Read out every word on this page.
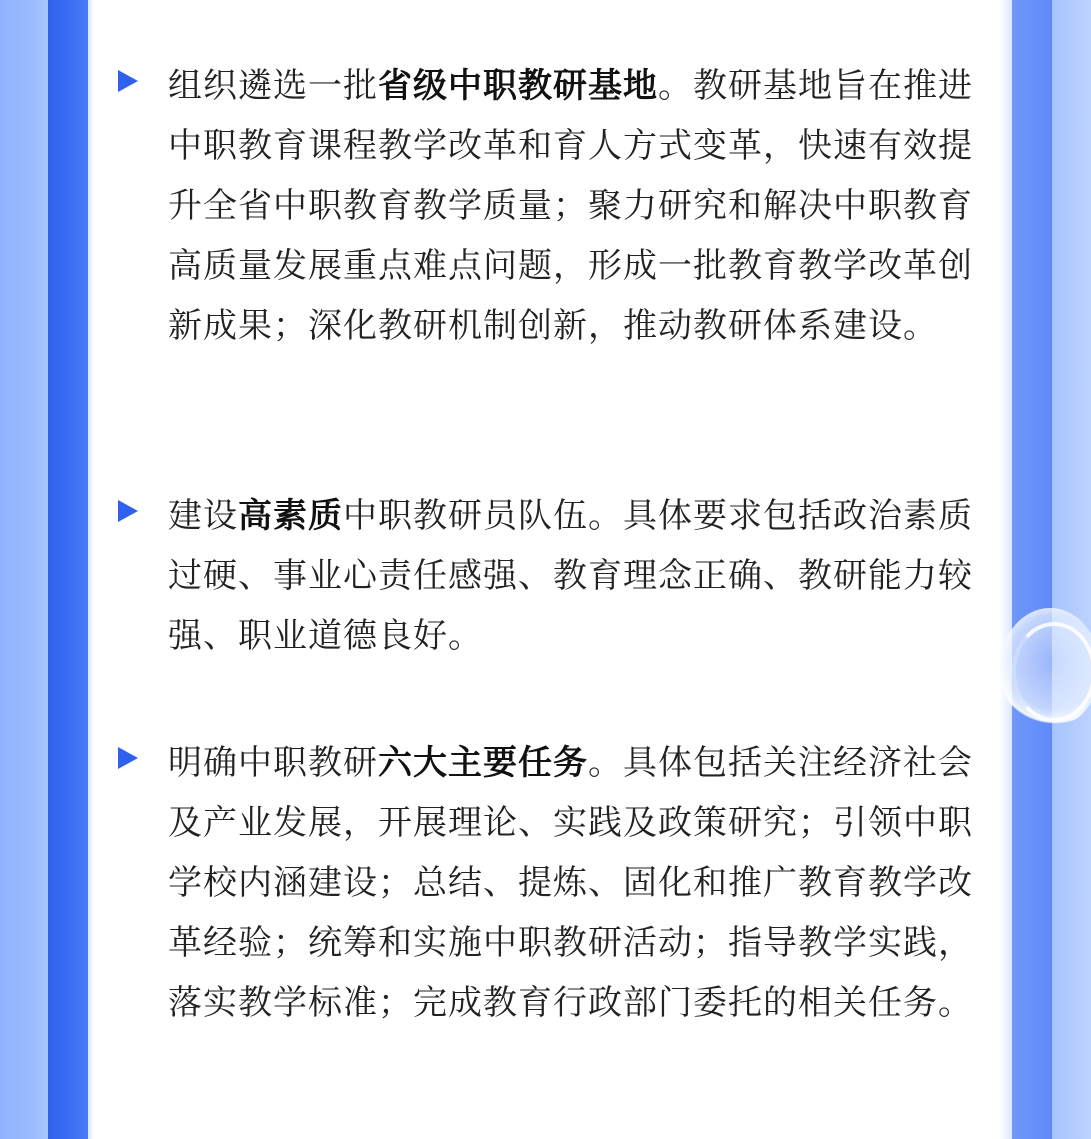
组织遴选一批省级中职教研基地。教研基地旨在推进中职教育课程教学改革和育人方式变革，快速有效提升全省中职教育教学质量；聚力研究和解决中职教育高质量发展重点难点问题，形成一批教育教学改革创新成果；深化教研机制创新，推动教研体系建设。
建设高素质中职教研员队伍。具体要求包括政治素质过硬、事业心责任感强、教育理念正确、教研能力较强、职业道德良好。
明确中职教研六大主要任务。具体包括关注经济社会及产业发展，开展理论、实践及政策研究；引领中职学校内涵建设；总结、提炼、固化和推广教育教学改革经验；统筹和实施中职教研活动；指导教学实践，落实教学标准；完成教育行政部门委托的相关任务。
